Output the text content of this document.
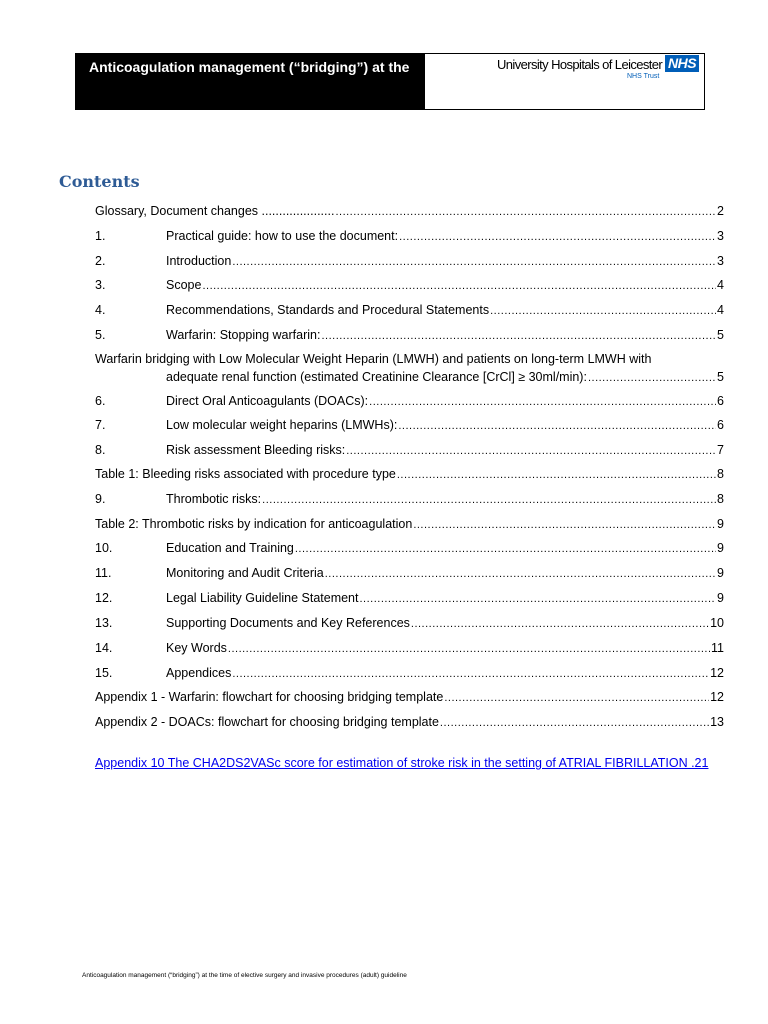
Anticoagulation management (“bridging”) at the	University Hospitals of Leicester NHS
NHS Trust
Contents
Glossary, Document changes ..................... .....	2
1.	Practical guide: how to use the document: .....	3
2.	Introduction .....	3
3.	Scope .....	4
4.	Recommendations, Standards and Procedural Statements .....	4
5.	Warfarin: Stopping warfarin: .....	5
Warfarin bridging with Low Molecular Weight Heparin (LMWH) and patients on long-term LMWH with
adequate renal function (estimated Creatinine Clearance [CrCl] ≥ 30ml/min): .....	5
6.	Direct Oral Anticoagulants (DOACs): .....	6
7.	Low molecular weight heparins (LMWHs): .....	6
8.	Risk assessment Bleeding risks: .....	7
Table 1: Bleeding risks associated with procedure type .....	8
9.	Thrombotic risks: .....	8
Table 2: Thrombotic risks by indication for anticoagulation .....	9
10.	Education and Training .....	9
11.	Monitoring and Audit Criteria .....	9
12.	Legal Liability Guideline Statement .....	9
13.	Supporting Documents and Key References .....	10
14.	Key Words .....	11
15.	Appendices .....	12
Appendix 1 - Warfarin: flowchart for choosing bridging template .....	12
Appendix 2 - DOACs: flowchart for choosing bridging template .....	13
Appendix 10 The CHA2DS2VASc score for estimation of stroke risk in the setting of ATRIAL FIBRILLATION .21
Anticoagulation management (“bridging”) at the time of elective surgery and invasive procedures (adult) guideline
